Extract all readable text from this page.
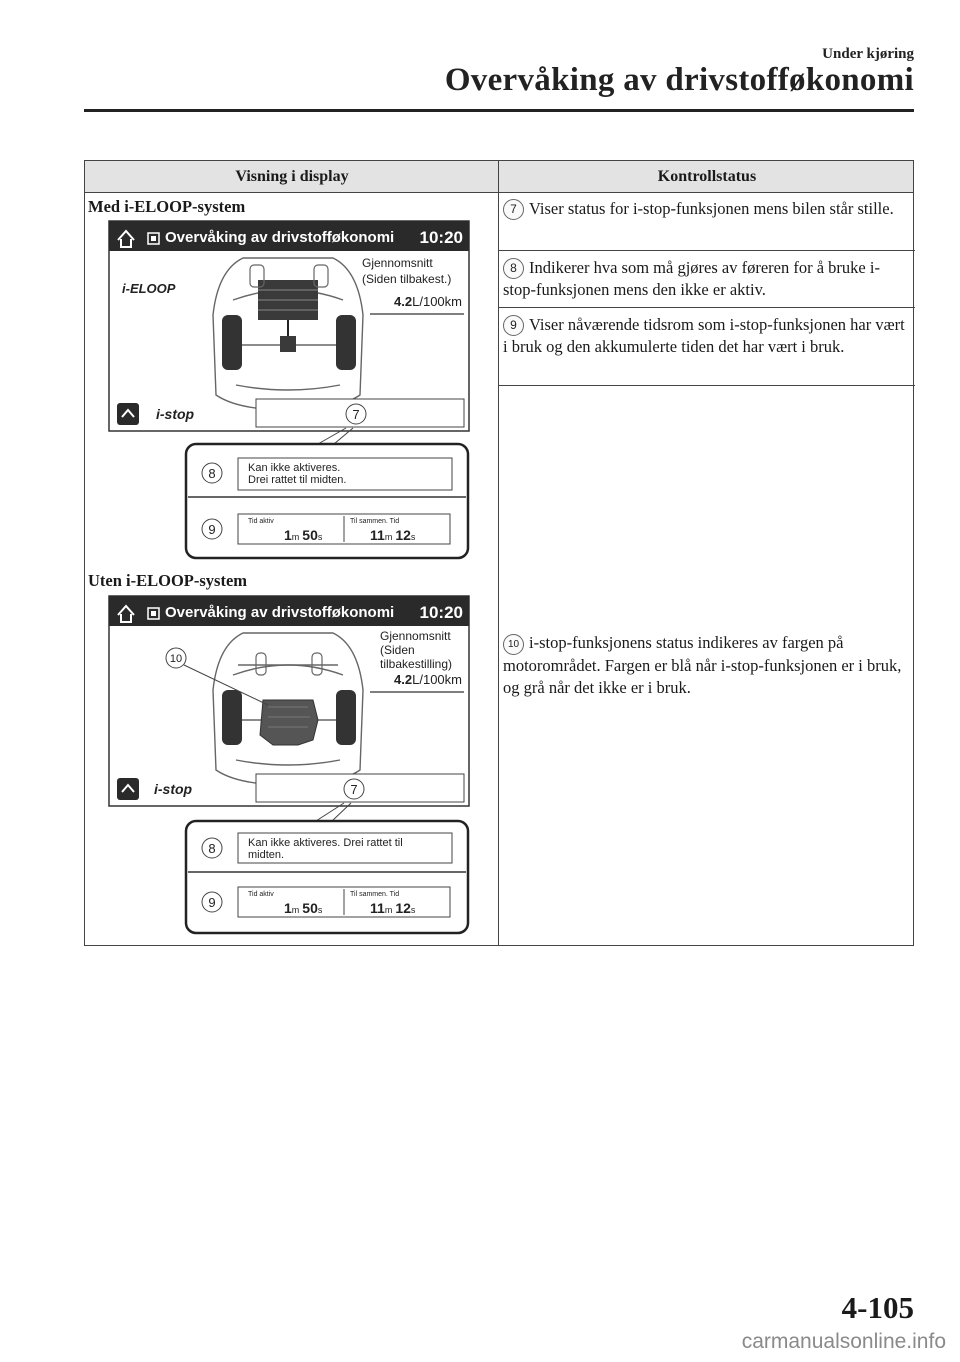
Under kjøring
Overvåking av drivstofføkonomi
Visning i display	Kontrollstatus
Med i-ELOOP-system
Uten i-ELOOP-system
7 Viser status for i-stop-funksjonen mens bilen står stille.
8 Indikerer hva som må gjøres av føreren for å bruke i-stop-funksjonen mens den ikke er aktiv.
9 Viser nåværende tidsrom som i-stop-funksjonen har vært i bruk og den akkumulerte tiden det har vært i bruk.
10 i-stop-funksjonens status indikeres av fargen på motorområdet. Fargen er blå når i-stop-funksjonen er i bruk, og grå når det ikke er i bruk.
Overvåking av drivstofføkonomi 10:20
i-ELOOP
Gjennomsnitt
(Siden tilbakest.)
4.2L/100km
i-stop	7
8	Kan ikke aktiveres.
Drei rattet til midten.
9
Tid aktiv
1m 50s
Til sammen. Tid
11m 12s
Overvåking av drivstofføkonomi 10:20
10
Gjennomsnitt
(Siden
tilbakestilling)
4.2L/100km
i-stop	7
8	Kan ikke aktiveres. Drei rattet til
midten.
9
Tid aktiv
1m 50s
Til sammen. Tid
11m 12s
4-105
carmanualsonline.info
